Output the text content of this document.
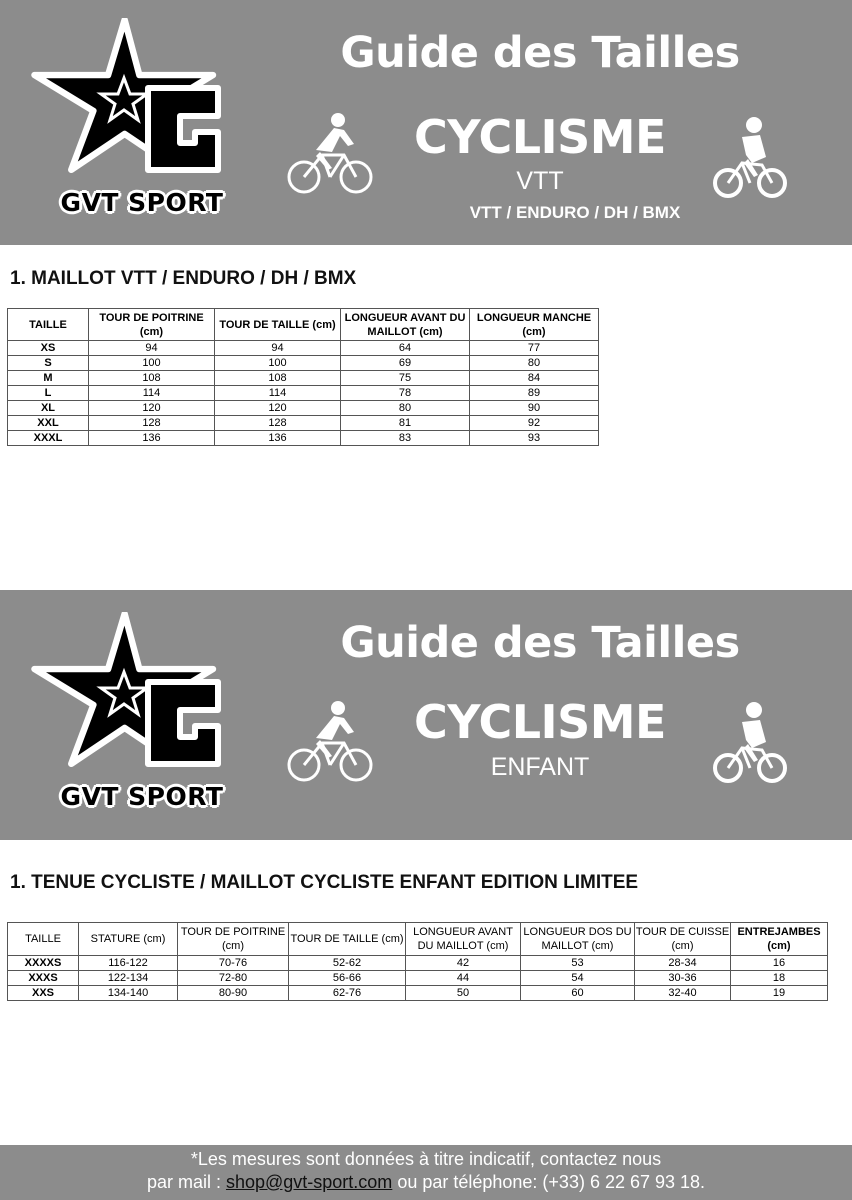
GVT SPORT
Guide des Tailles
CYCLISME
VTT
VTT / ENDURO / DH / BMX
1. MAILLOT VTT / ENDURO / DH / BMX
TAILLE	TOUR DE POITRINE (cm)	TOUR DE TAILLE (cm)	LONGUEUR AVANT DU MAILLOT (cm)	LONGUEUR MANCHE (cm)
XS	94	94	64	77
S	100	100	69	80
M	108	108	75	84
L	114	114	78	89
XL	120	120	80	90
XXL	128	128	81	92
XXXL	136	136	83	93
GVT SPORT
Guide des Tailles
CYCLISME
ENFANT
1. TENUE CYCLISTE / MAILLOT CYCLISTE ENFANT EDITION LIMITEE
TAILLE	STATURE (cm)	TOUR DE POITRINE (cm)	TOUR DE TAILLE (cm)	LONGUEUR AVANT DU MAILLOT (cm)	LONGUEUR DOS DU MAILLOT (cm)	TOUR DE CUISSE (cm)	ENTREJAMBES (cm)
XXXXS	116-122	70-76	52-62	42	53	28-34	16
XXXS	122-134	72-80	56-66	44	54	30-36	18
XXS	134-140	80-90	62-76	50	60	32-40	19
*Les mesures sont données à titre indicatif, contactez nous
par mail : shop@gvt-sport.com ou par téléphone: (+33) 6 22 67 93 18.
